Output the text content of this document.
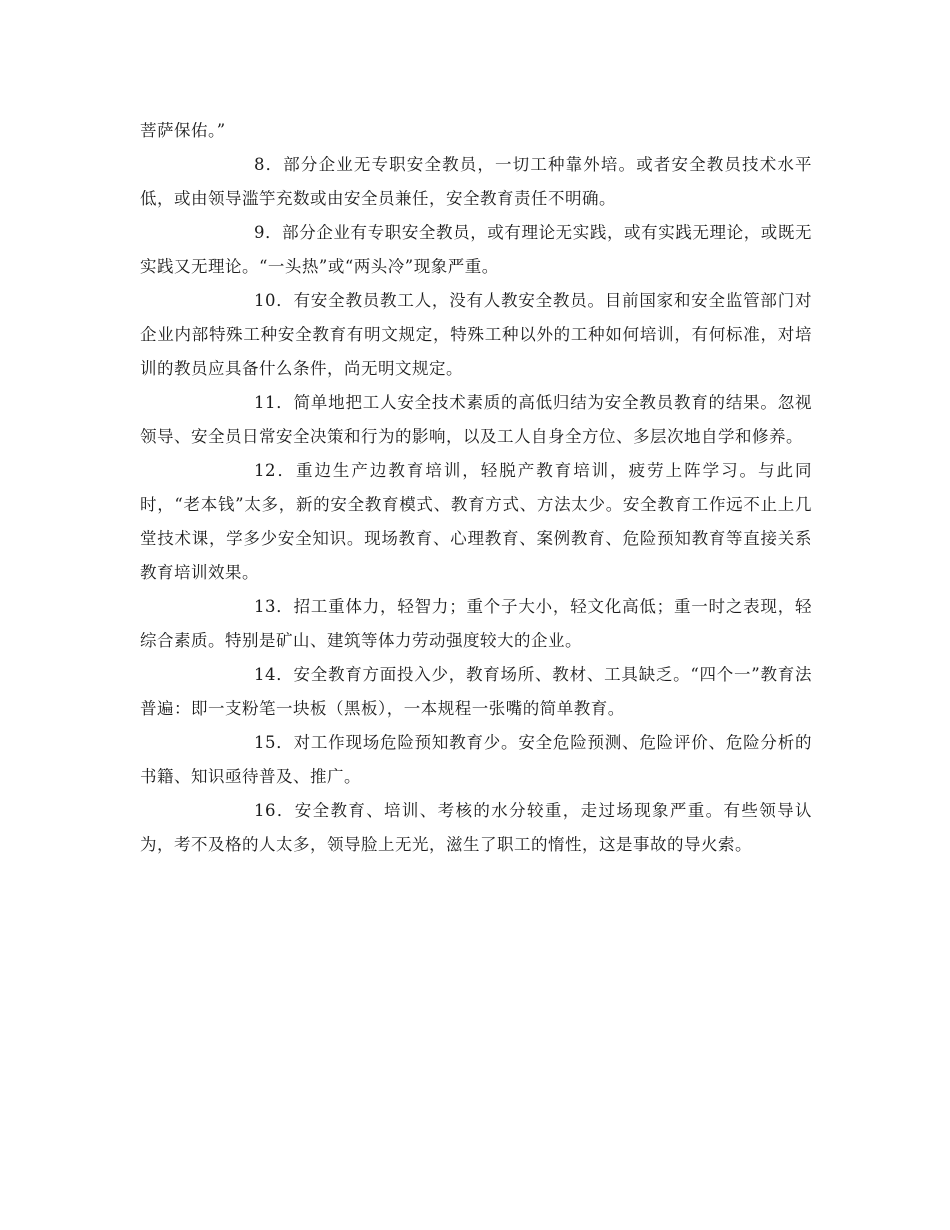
菩萨保佑。”

8．部分企业无专职安全教员，一切工种靠外培。或者安全教员技术水平低，或由领导滥竽充数或由安全员兼任，安全教育责任不明确。

9．部分企业有专职安全教员，或有理论无实践，或有实践无理论，或既无实践又无理论。“一头热”或“两头冷”现象严重。

10．有安全教员教工人，没有人教安全教员。目前国家和安全监管部门对企业内部特殊工种安全教育有明文规定，特殊工种以外的工种如何培训，有何标准，对培训的教员应具备什么条件，尚无明文规定。

11．简单地把工人安全技术素质的高低归结为安全教员教育的结果。忽视领导、安全员日常安全决策和行为的影响，以及工人自身全方位、多层次地自学和修养。

12．重边生产边教育培训，轻脱产教育培训，疲劳上阵学习。与此同时，“老本钱”太多，新的安全教育模式、教育方式、方法太少。安全教育工作远不止上几堂技术课，学多少安全知识。现场教育、心理教育、案例教育、危险预知教育等直接关系教育培训效果。

13．招工重体力，轻智力；重个子大小，轻文化高低；重一时之表现，轻综合素质。特别是矿山、建筑等体力劳动强度较大的企业。

14．安全教育方面投入少，教育场所、教材、工具缺乏。“四个一”教育法普遍：即一支粉笔一块板（黑板），一本规程一张嘴的简单教育。

15．对工作现场危险预知教育少。安全危险预测、危险评价、危险分析的书籍、知识亟待普及、推广。

16．安全教育、培训、考核的水分较重，走过场现象严重。有些领导认为，考不及格的人太多，领导脸上无光，滋生了职工的惰性，这是事故的导火索。
